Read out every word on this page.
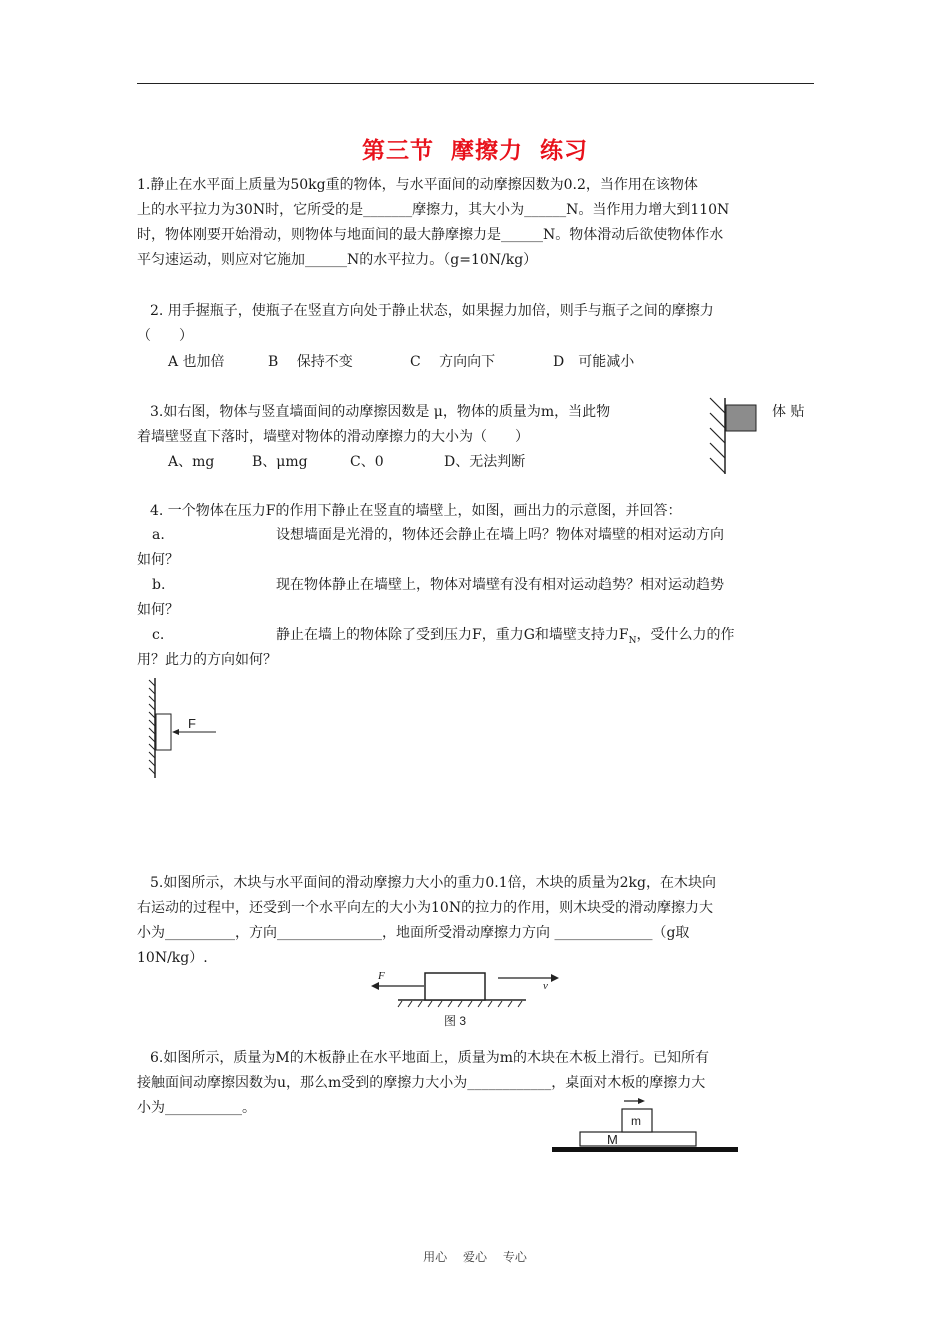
第三节 摩擦力 练习
1.静止在水平面上质量为50kg重的物体，与水平面间的动摩擦因数为0.2，当作用在该物体
上的水平拉力为30N时，它所受的是_______摩擦力，其大小为______N。当作用力增大到110N
时，物体刚要开始滑动，则物体与地面间的最大静摩擦力是______N。物体滑动后欲使物体作水
平匀速运动，则应对它施加______N的水平拉力。（g=10N/kg）
2. 用手握瓶子，使瓶子在竖直方向处于静止状态，如果握力加倍，则手与瓶子之间的摩擦力
（　　）
A 也加倍	B　 保持不变	C　 方向向下	D　可能减小
3.如右图，物体与竖直墙面间的动摩擦因数是 μ，物体的质量为m，当此物	体 贴
着墙壁竖直下落时，墙壁对物体的滑动摩擦力的大小为（　　）
A、mg	B、μmg	C、0	D、无法判断
4. 一个物体在压力F的作用下静止在竖直的墙壁上，如图，画出力的示意图，并回答：
a.	设想墙面是光滑的，物体还会静止在墙上吗？物体对墙壁的相对运动方向
如何？
b.	现在物体静止在墙壁上，物体对墙壁有没有相对运动趋势？相对运动趋势
如何？
c.	静止在墙上的物体除了受到压力F，重力G和墙壁支持力$F_N$，受什么力的作
用？此力的方向如何？
F
5.如图所示，木块与水平面间的滑动摩擦力大小的重力0.1倍，木块的质量为2kg，在木块向
右运动的过程中，还受到一个水平向左的大小为10N的拉力的作用，则木块受的滑动摩擦力大
小为__________，方向_______________，地面所受滑动摩擦力方向 ______________（g取
10N/kg）.
F
v
图 3
6.如图所示，质量为M的木板静止在水平地面上，质量为m的木块在木板上滑行。已知所有
接触面间动摩擦因数为u，那么m受到的摩擦力大小为____________，桌面对木板的摩擦力大
小为___________。
M
m
用心 爱心 专心
